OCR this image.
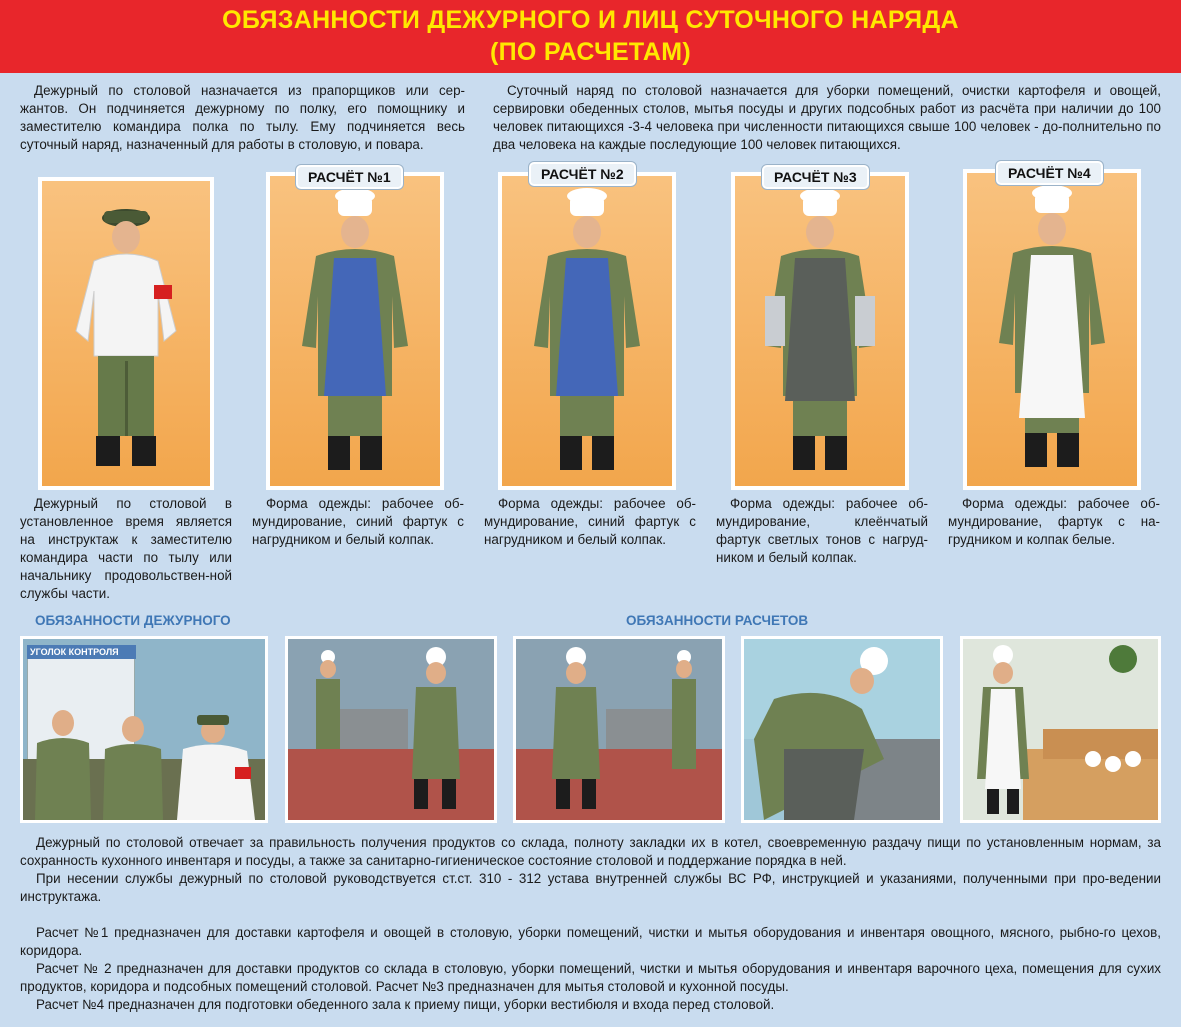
ОБЯЗАННОСТИ ДЕЖУРНОГО И ЛИЦ СУТОЧНОГО НАРЯДА
(ПО РАСЧЕТАМ)
Дежурный по столовой назначается из прапорщиков или сер-жантов. Он подчиняется дежурному по полку, его помощнику и заместителю командира полка по тылу. Ему подчиняется весь суточный наряд, назначенный для работы в столовую, и повара.
Суточный наряд по столовой назначается для уборки помещений, очистки картофеля и овощей, сервировки обеденных столов, мытья посуды и других подсобных работ из расчёта при наличии до 100 человек питающихся -3-4 человека при численности питающихся свыше 100 человек - до-полнительно по два человека на каждые последующие 100 человек питающихся.
РАСЧЁТ №1	РАСЧЁТ №2	РАСЧЁТ №3	РАСЧЁТ №4
Дежурный по столовой в установленное время является на инструктаж к заместителю командира части по тылу или начальнику продовольствен-ной службы части.
Форма одежды: рабочее об-мундирование, синий фартук с нагрудником и белый колпак.
Форма одежды: рабочее об-мундирование, синий фартук с нагрудником и белый колпак.
Форма одежды: рабочее об-мундирование, клеёнчатый фартук светлых тонов с нагруд-ником и белый колпак.
Форма одежды: рабочее об-мундирование, фартук с на-грудником и колпак белые.
ОБЯЗАННОСТИ ДЕЖУРНОГО	ОБЯЗАННОСТИ РАСЧЕТОВ
УГОЛОК КОНТРОЛЯ

Дежурный по столовой отвечает за правильность получения продуктов со склада, полноту закладки их в котел, своевременную раздачу пищи по установленным нормам, за сохранность кухонного инвентаря и посуды, а также за санитарно-гигиеническое состояние столовой и поддержание порядка в ней.

При несении службы дежурный по столовой руководствуется ст.ст. 310 - 312 устава внутренней службы ВС РФ, инструкцией и указаниями, полученными при про-ведении инструктажа.

Расчет №1 предназначен для доставки картофеля и овощей в столовую, уборки помещений, чистки и мытья оборудования и инвентаря овощного, мясного, рыбно-го цехов, коридора.

Расчет № 2 предназначен для доставки продуктов со склада в столовую, уборки помещений, чистки и мытья оборудования и инвентаря варочного цеха, помещения для сухих продуктов, коридора и подсобных помещений столовой. Расчет №3 предназначен для мытья столовой и кухонной посуды.

Расчет №4 предназначен для подготовки обеденного зала к приему пищи, уборки вестибюля и входа перед столовой.
